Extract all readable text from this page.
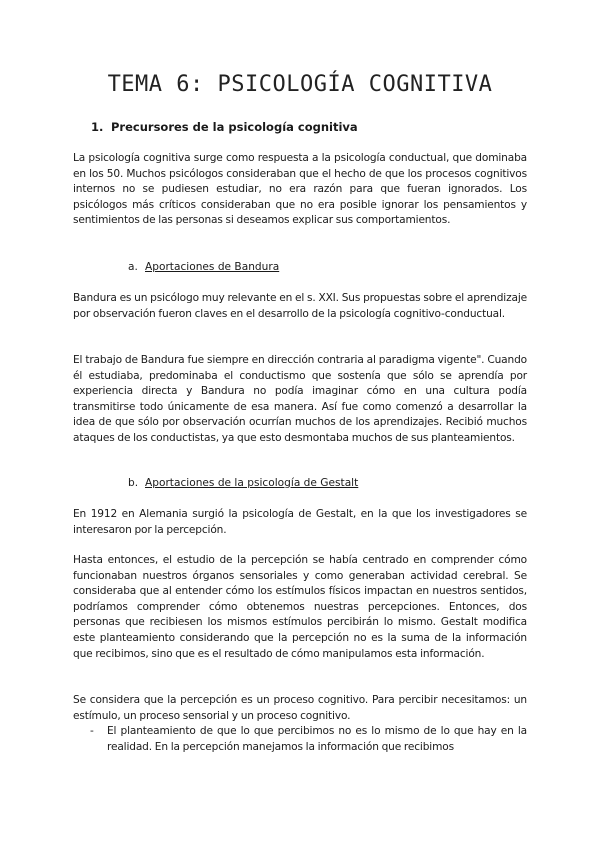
TEMA 6: PSICOLOGÍA COGNITIVA
1. Precursores de la psicología cognitiva

La psicología cognitiva surge como respuesta a la psicología conductual, que dominaba en los 50. Muchos psicólogos consideraban que el hecho de que los procesos cognitivos internos no se pudiesen estudiar, no era razón para que fueran ignorados. Los psicólogos más críticos consideraban que no era posible ignorar los pensamientos y sentimientos de las personas si deseamos explicar sus comportamientos.

a. Aportaciones de Bandura

Bandura es un psicólogo muy relevante en el s. XXI. Sus propuestas sobre el aprendizaje por observación fueron claves en el desarrollo de la psicología cognitivo-conductual.

El trabajo de Bandura fue siempre en dirección contraria al paradigma vigente". Cuando él estudiaba, predominaba el conductismo que sostenía que sólo se aprendía por experiencia directa y Bandura no podía imaginar cómo en una cultura podía transmitirse todo únicamente de esa manera. Así fue como comenzó a desarrollar la idea de que sólo por observación ocurrían muchos de los aprendizajes. Recibió muchos ataques de los conductistas, ya que esto desmontaba muchos de sus planteamientos.

b. Aportaciones de la psicología de Gestalt

En 1912 en Alemania surgió la psicología de Gestalt, en la que los investigadores se interesaron por la percepción.

Hasta entonces, el estudio de la percepción se había centrado en comprender cómo funcionaban nuestros órganos sensoriales y como generaban actividad cerebral. Se consideraba que al entender cómo los estímulos físicos impactan en nuestros sentidos, podríamos comprender cómo obtenemos nuestras percepciones. Entonces, dos personas que recibiesen los mismos estímulos percibirán lo mismo. Gestalt modifica este planteamiento considerando que la percepción no es la suma de la información que recibimos, sino que es el resultado de cómo manipulamos esta información.

Se considera que la percepción es un proceso cognitivo. Para percibir necesitamos: un estímulo, un proceso sensorial y un proceso cognitivo.

- El planteamiento de que lo que percibimos no es lo mismo de lo que hay en la realidad. En la percepción manejamos la información que recibimos
